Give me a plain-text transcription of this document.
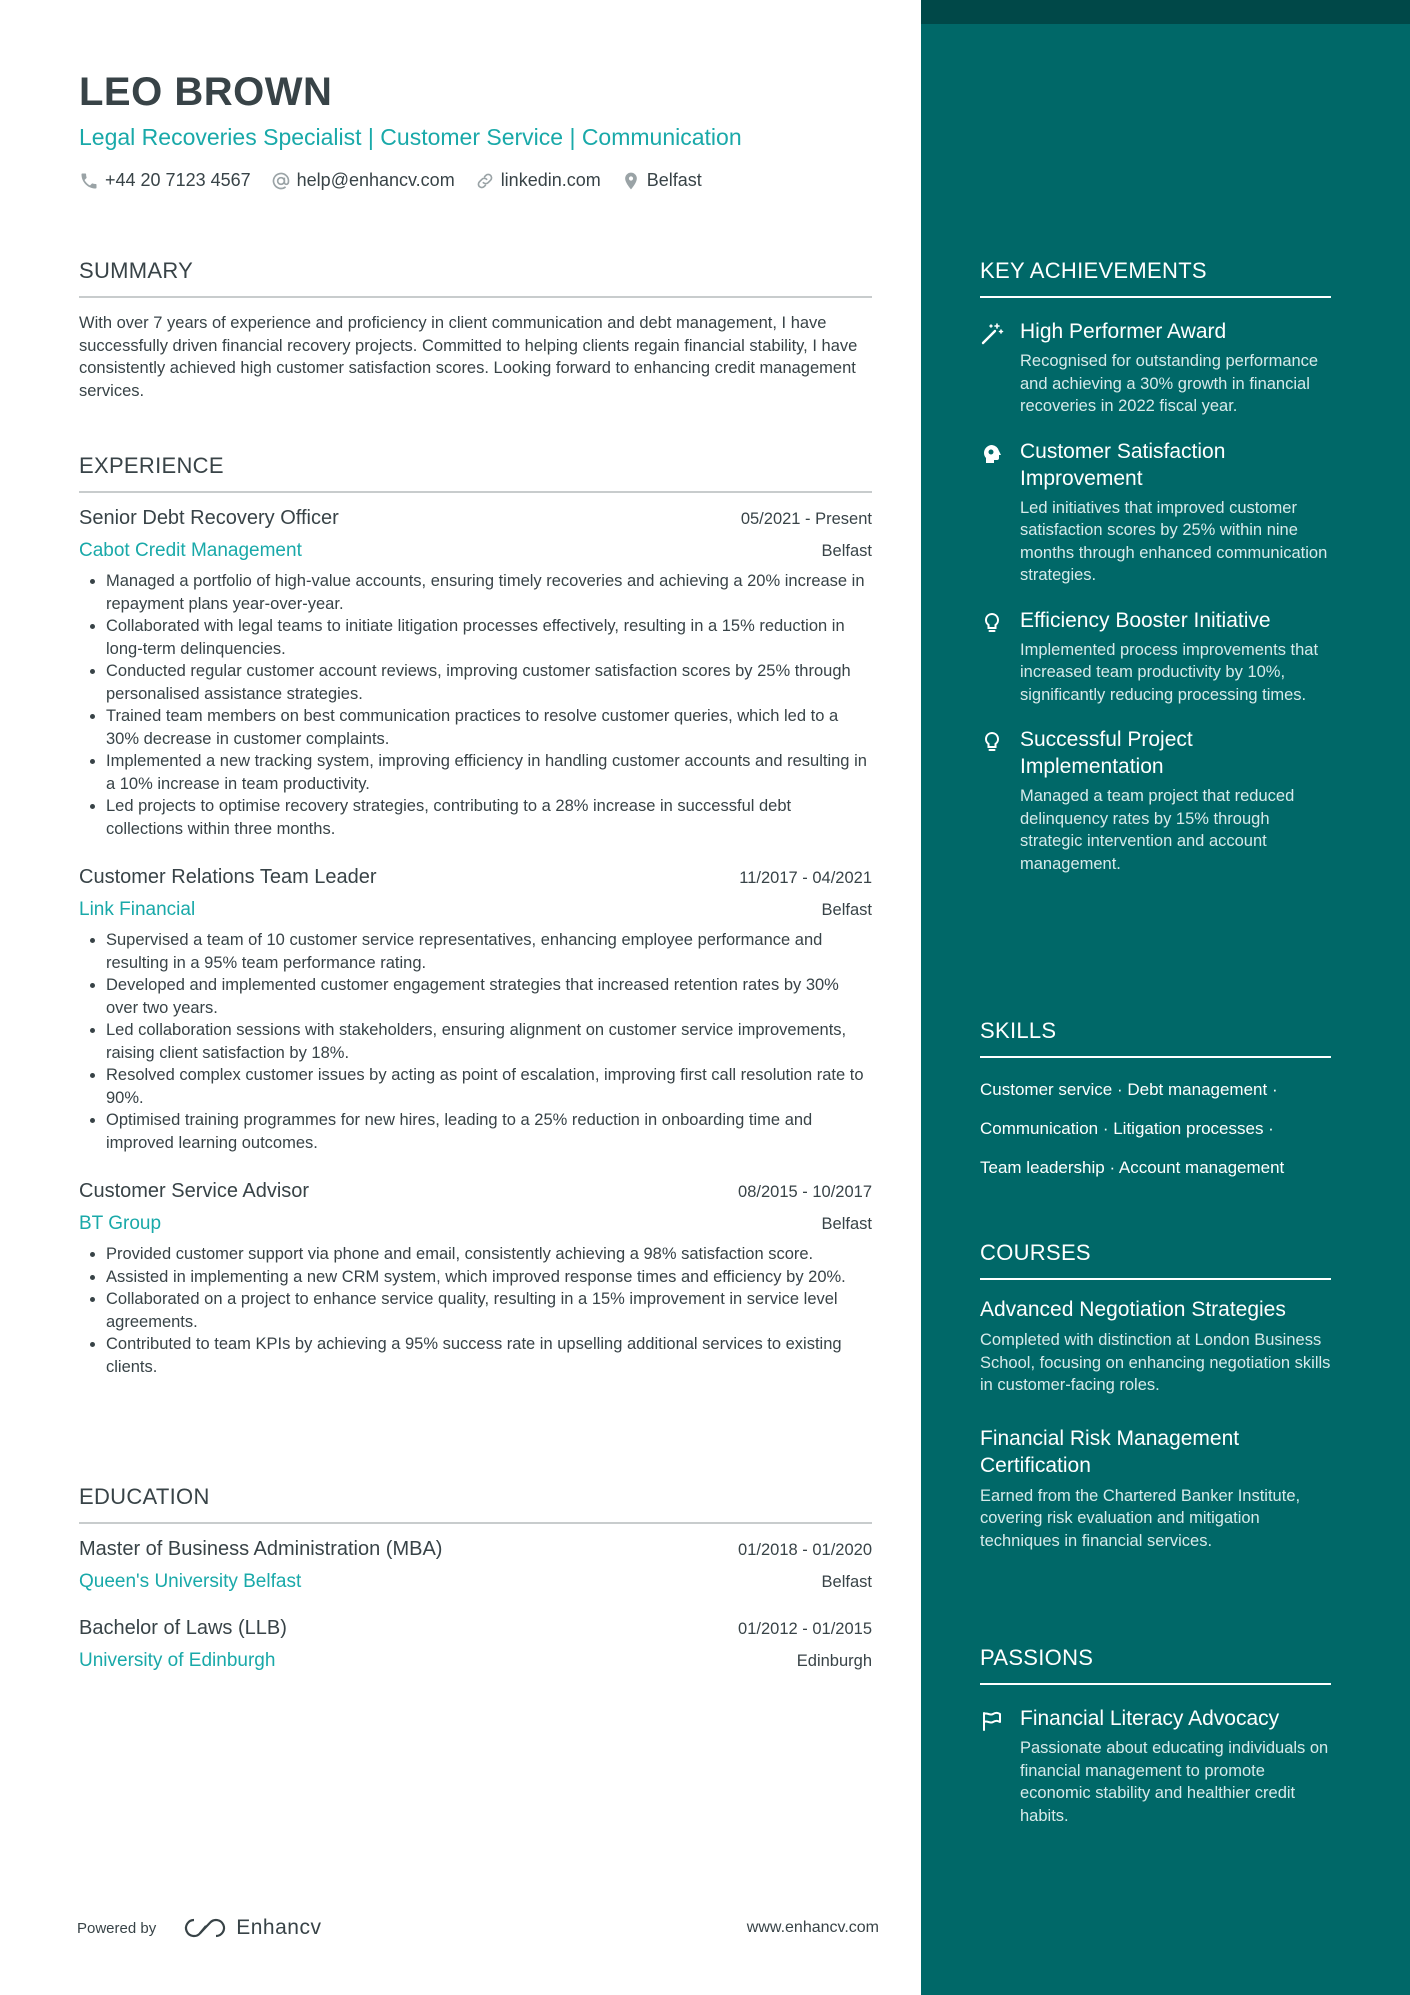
LEO BROWN
Legal Recoveries Specialist | Customer Service | Communication
+44 20 7123 4567	help@enhancv.com	linkedin.com	Belfast
SUMMARY

With over 7 years of experience and proficiency in client communication and debt management, I have successfully driven financial recovery projects. Committed to helping clients regain financial stability, I have consistently achieved high customer satisfaction scores. Looking forward to enhancing credit management services.

EXPERIENCE
Senior Debt Recovery Officer	05/2021 - Present
Cabot Credit Management	Belfast
• Managed a portfolio of high-value accounts, ensuring timely recoveries and achieving a 20% increase in repayment plans year-over-year.
• Collaborated with legal teams to initiate litigation processes effectively, resulting in a 15% reduction in long-term delinquencies.
• Conducted regular customer account reviews, improving customer satisfaction scores by 25% through personalised assistance strategies.
• Trained team members on best communication practices to resolve customer queries, which led to a 30% decrease in customer complaints.
• Implemented a new tracking system, improving efficiency in handling customer accounts and resulting in a 10% increase in team productivity.
• Led projects to optimise recovery strategies, contributing to a 28% increase in successful debt collections within three months.
Customer Relations Team Leader	11/2017 - 04/2021
Link Financial	Belfast
• Supervised a team of 10 customer service representatives, enhancing employee performance and resulting in a 95% team performance rating.
• Developed and implemented customer engagement strategies that increased retention rates by 30% over two years.
• Led collaboration sessions with stakeholders, ensuring alignment on customer service improvements, raising client satisfaction by 18%.
• Resolved complex customer issues by acting as point of escalation, improving first call resolution rate to 90%.
• Optimised training programmes for new hires, leading to a 25% reduction in onboarding time and improved learning outcomes.
Customer Service Advisor	08/2015 - 10/2017
BT Group	Belfast
• Provided customer support via phone and email, consistently achieving a 98% satisfaction score.
• Assisted in implementing a new CRM system, which improved response times and efficiency by 20%.
• Collaborated on a project to enhance service quality, resulting in a 15% improvement in service level agreements.
• Contributed to team KPIs by achieving a 95% success rate in upselling additional services to existing clients.
EDUCATION
Master of Business Administration (MBA)	01/2018 - 01/2020
Queen's University Belfast	Belfast
Bachelor of Laws (LLB)	01/2012 - 01/2015
University of Edinburgh	Edinburgh
Powered by	Enhancv	www.enhancv.com
KEY ACHIEVEMENTS
High Performer Award
Recognised for outstanding performance and achieving a 30% growth in financial recoveries in 2022 fiscal year.
Customer Satisfaction Improvement
Led initiatives that improved customer satisfaction scores by 25% within nine months through enhanced communication strategies.
Efficiency Booster Initiative
Implemented process improvements that increased team productivity by 10%, significantly reducing processing times.
Successful Project Implementation
Managed a team project that reduced delinquency rates by 15% through strategic intervention and account management.
SKILLS
Customer service · Debt management ·
Communication · Litigation processes ·
Team leadership · Account management
COURSES
Advanced Negotiation Strategies
Completed with distinction at London Business School, focusing on enhancing negotiation skills in customer-facing roles.
Financial Risk Management Certification
Earned from the Chartered Banker Institute, covering risk evaluation and mitigation techniques in financial services.
PASSIONS
Financial Literacy Advocacy
Passionate about educating individuals on financial management to promote economic stability and healthier credit habits.
